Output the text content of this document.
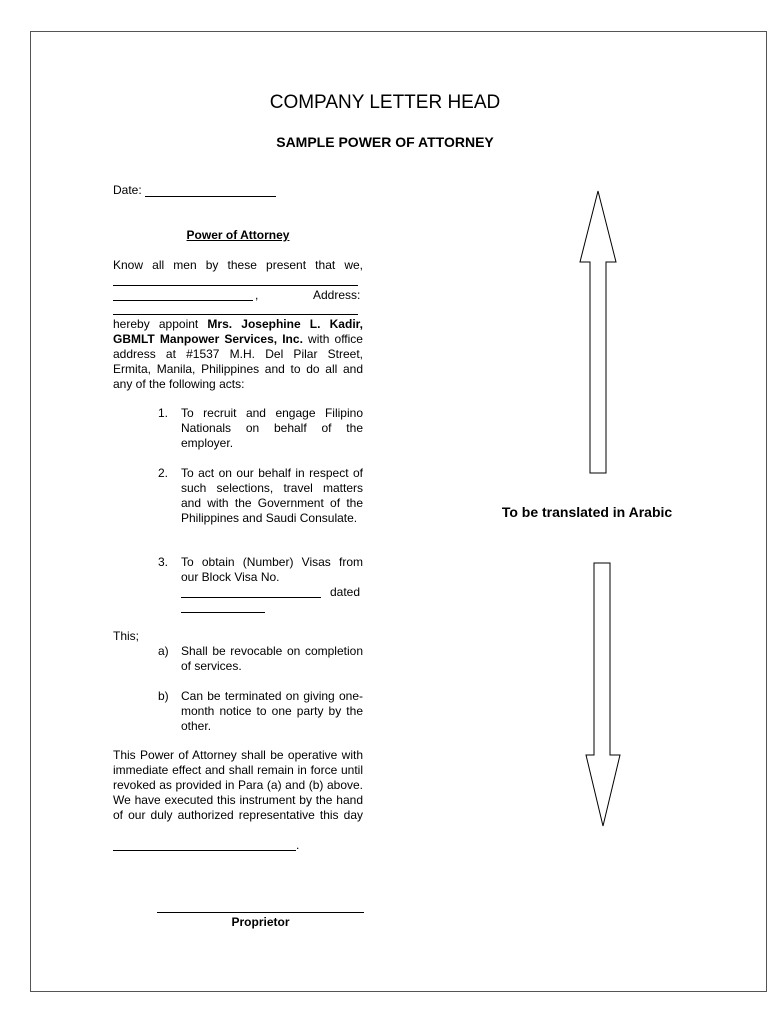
COMPANY LETTER HEAD
SAMPLE POWER OF ATTORNEY
Date:
Power of Attorney
Know all men by these present that we,
,	Address:
hereby appoint Mrs. Josephine L. Kadir, GBMLT Manpower Services, Inc. with office address at #1537 M.H. Del Pilar Street, Ermita, Manila, Philippines and to do all and any of the following acts:
1. To recruit and engage Filipino Nationals on behalf of the employer.
2. To act on our behalf in respect of such selections, travel matters and with the Government of the Philippines and Saudi Consulate.
3. To obtain (Number) Visas from our Block Visa No.
dated
This;
a) Shall be revocable on completion of services.
b) Can be terminated on giving one-month notice to one party by the other.
This Power of Attorney shall be operative with immediate effect and shall remain in force until revoked as provided in Para (a) and (b) above. We have executed this instrument by the hand of our duly authorized representative this day
.
Proprietor
To be translated in Arabic
